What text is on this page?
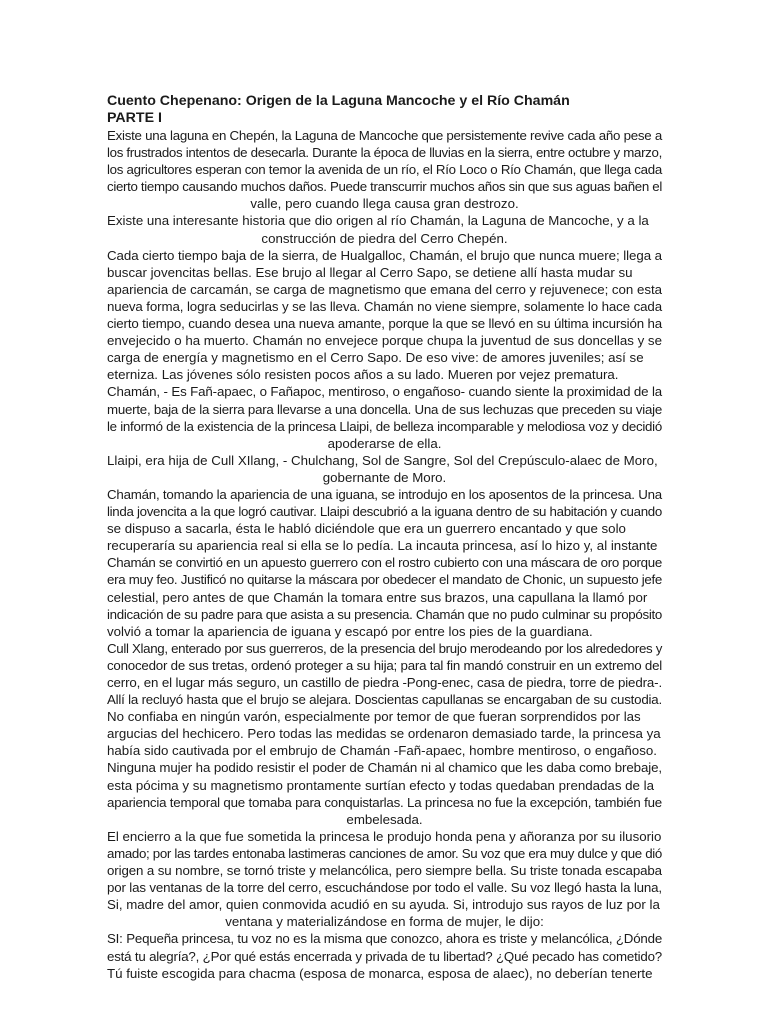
Cuento Chepenano: Origen de la Laguna Mancoche y el Río Chamán

PARTE I

Existe una laguna en Chepén, la Laguna de Mancoche que persistemente revive cada año pese a

los frustrados intentos de desecarla. Durante la época de lluvias en la sierra, entre octubre y marzo,

los agricultores esperan con temor la avenida de un río, el Río Loco o Río Chamán, que llega cada

cierto tiempo causando muchos daños. Puede transcurrir muchos años sin que sus aguas bañen el

valle, pero cuando llega causa gran destrozo.

Existe una interesante historia que dio origen al río Chamán, la Laguna de Mancoche, y a la

construcción de piedra del Cerro Chepén.

Cada cierto tiempo baja de la sierra, de Hualgalloc, Chamán, el brujo que nunca muere; llega a

buscar jovencitas bellas. Ese brujo al llegar al Cerro Sapo, se detiene allí hasta mudar su

apariencia de carcamán, se carga de magnetismo que emana del cerro y rejuvenece; con esta

nueva forma, logra seducirlas y se las lleva. Chamán no viene siempre, solamente lo hace cada

cierto tiempo, cuando desea una nueva amante, porque la que se llevó en su última incursión ha

envejecido o ha muerto. Chamán no envejece porque chupa la juventud de sus doncellas y se

carga de energía y magnetismo en el Cerro Sapo. De eso vive: de amores juveniles; así se

eterniza. Las jóvenes sólo resisten pocos años a su lado. Mueren por vejez prematura.

Chamán, - Es Fañ-apaec, o Fañapoc, mentiroso, o engañoso- cuando siente la proximidad de la

muerte, baja de la sierra para llevarse a una doncella. Una de sus lechuzas que preceden su viaje

le informó de la existencia de la princesa Llaipi, de belleza incomparable y melodiosa voz y decidió

apoderarse de ella.

Llaipi, era hija de Cull XIlang, - Chulchang, Sol de Sangre, Sol del Crepúsculo-alaec de Moro,

gobernante de Moro.

Chamán, tomando la apariencia de una iguana, se introdujo en los aposentos de la princesa. Una

linda jovencita a la que logró cautivar. Llaipi descubrió a la iguana dentro de su habitación y cuando

se dispuso a sacarla, ésta le habló diciéndole que era un guerrero encantado y que solo

recuperaría su apariencia real si ella se lo pedía. La incauta princesa, así lo hizo y, al instante

Chamán se convirtió en un apuesto guerrero con el rostro cubierto con una máscara de oro porque

era muy feo. Justificó no quitarse la máscara por obedecer el mandato de Chonic, un supuesto jefe

celestial, pero antes de que Chamán la tomara entre sus brazos, una capullana la llamó por

indicación de su padre para que asista a su presencia. Chamán que no pudo culminar su propósito

volvió a tomar la apariencia de iguana y escapó por entre los pies de la guardiana.

Cull Xlang, enterado por sus guerreros, de la presencia del brujo merodeando por los alrededores y

conocedor de sus tretas, ordenó proteger a su hija; para tal fin mandó construir en un extremo del

cerro, en el lugar más seguro, un castillo de piedra -Pong-enec, casa de piedra, torre de piedra-.

Allí la recluyó hasta que el brujo se alejara. Doscientas capullanas se encargaban de su custodia.

No confiaba en ningún varón, especialmente por temor de que fueran sorprendidos por las

argucias del hechicero. Pero todas las medidas se ordenaron demasiado tarde, la princesa ya

había sido cautivada por el embrujo de Chamán -Fañ-apaec, hombre mentiroso, o engañoso.

Ninguna mujer ha podido resistir el poder de Chamán ni al chamico que les daba como brebaje,

esta pócima y su magnetismo prontamente surtían efecto y todas quedaban prendadas de la

apariencia temporal que tomaba para conquistarlas. La princesa no fue la excepción, también fue

embelesada.

El encierro a la que fue sometida la princesa le produjo honda pena y añoranza por su ilusorio

amado; por las tardes entonaba lastimeras canciones de amor. Su voz que era muy dulce y que dió

origen a su nombre, se tornó triste y melancólica, pero siempre bella. Su triste tonada escapaba

por las ventanas de la torre del cerro, escuchándose por todo el valle. Su voz llegó hasta la luna,

Si, madre del amor, quien conmovida acudió en su ayuda. Si, introdujo sus rayos de luz por la

ventana y materializándose en forma de mujer, le dijo:

SI: Pequeña princesa, tu voz no es la misma que conozco, ahora es triste y melancólica, ¿Dónde

está tu alegría?, ¿Por qué estás encerrada y privada de tu libertad? ¿Qué pecado has cometido?

Tú fuiste escogida para chacma (esposa de monarca, esposa de alaec), no deberían tenerte
